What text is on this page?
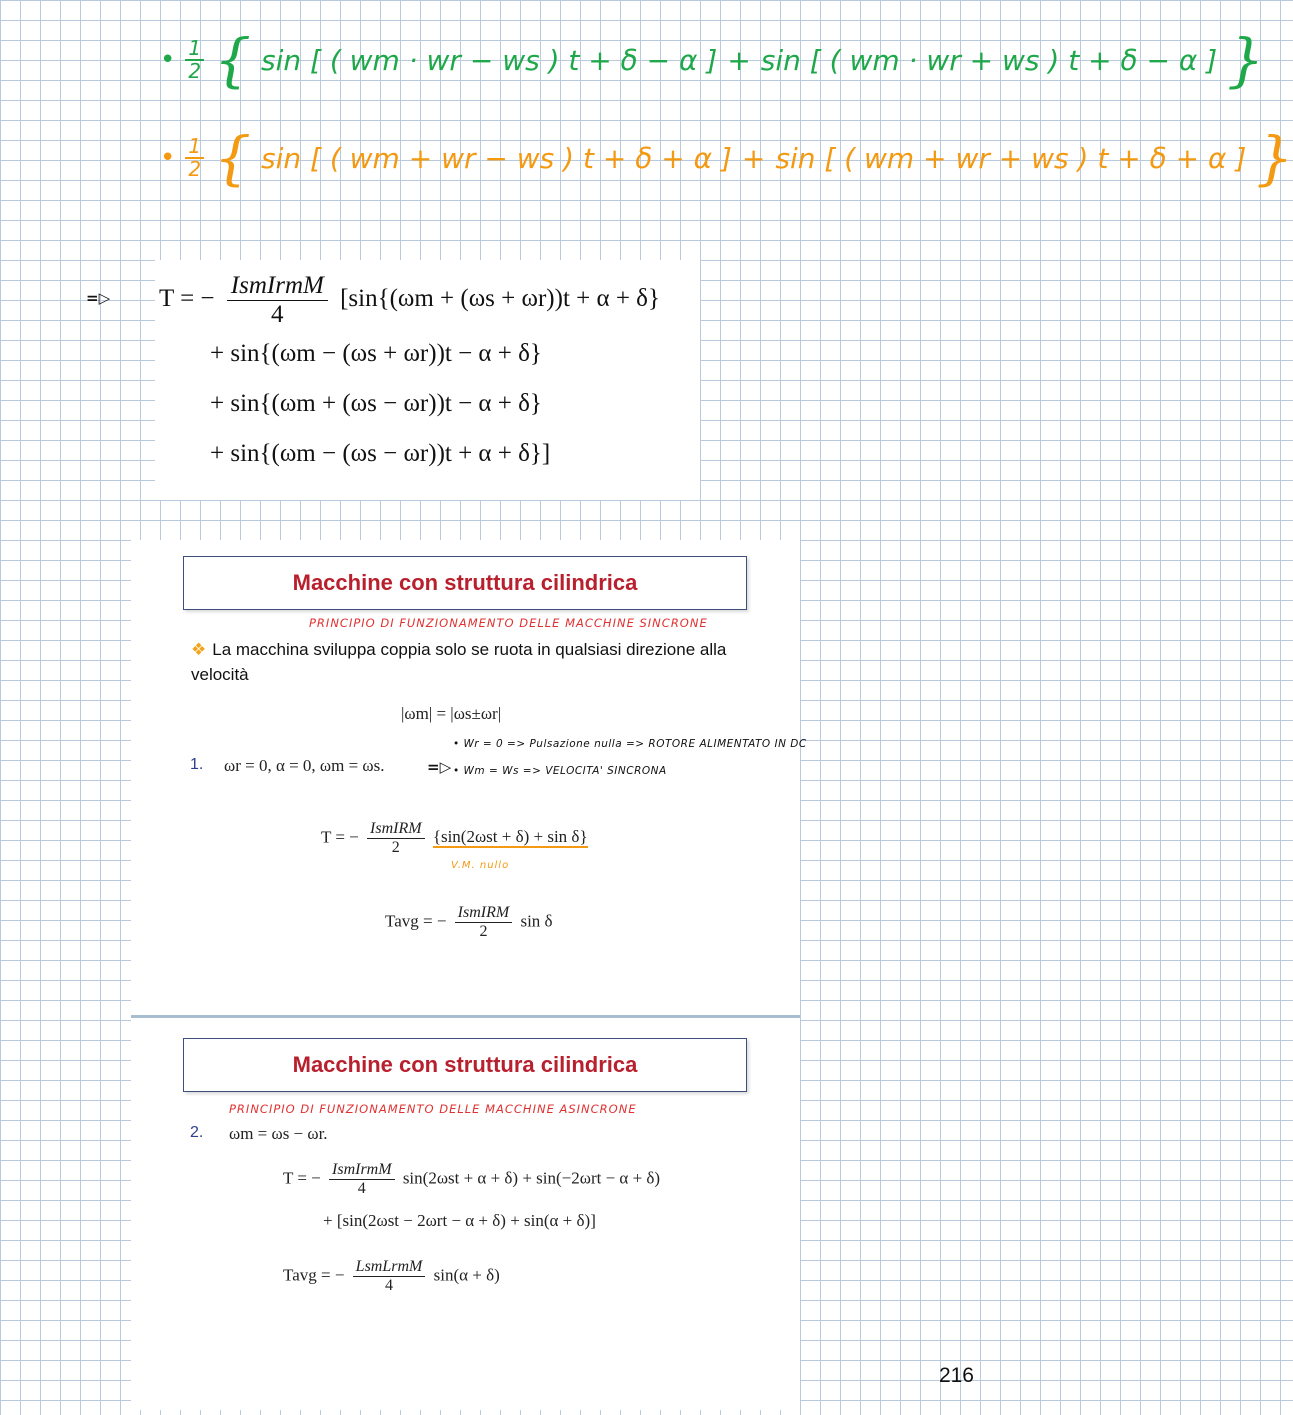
• $\frac{1}{2}$ { sin [ ( wm · wr − ws ) t + δ − α ] + sin [ ( wm · wr + ws ) t + δ − α ] }
• $\frac{1}{2}$ { sin [ ( wm + wr − ws ) t + δ + α ] + sin [ ( wm + wr + ws ) t + δ + α ] }
=▷ T = − IsmIrmM
4
[sin{(ωm + (ωs + ωr))t + α + δ}
+ sin{(ωm − (ωs + ωr))t − α + δ}
+ sin{(ωm + (ωs − ωr))t − α + δ}
+ sin{(ωm − (ωs − ωr))t + α + δ}]
Macchine con struttura cilindrica
PRINCIPIO DI FUNZIONAMENTO DELLE MACCHINE SINCRONE
❖ La macchina sviluppa coppia solo se ruota in qualsiasi direzione alla velocità
|ωm| = |ωs±ωr|
1. ωr = 0, α = 0, ωm = ωs.	=▷
• Wr = 0 => Pulsazione nulla => ROTORE ALIMENTATO IN DC
• Wm = Ws => VELOCITA' SINCRONA
T = − IsmIRM
2
{sin(2ωst + δ) + sin δ}
V.M. nullo
Tavg = − IsmIRM
2
sin δ
Macchine con struttura cilindrica
PRINCIPIO DI FUNZIONAMENTO DELLE MACCHINE ASINCRONE
2. ωm = ωs − ωr.
T = − IsmIrmM
4
sin(2ωst + α + δ) + sin(−2ωrt − α + δ)
+ [sin(2ωst − 2ωrt − α + δ) + sin(α + δ)]
Tavg = − LsmLrmM
4
sin(α + δ)
216
